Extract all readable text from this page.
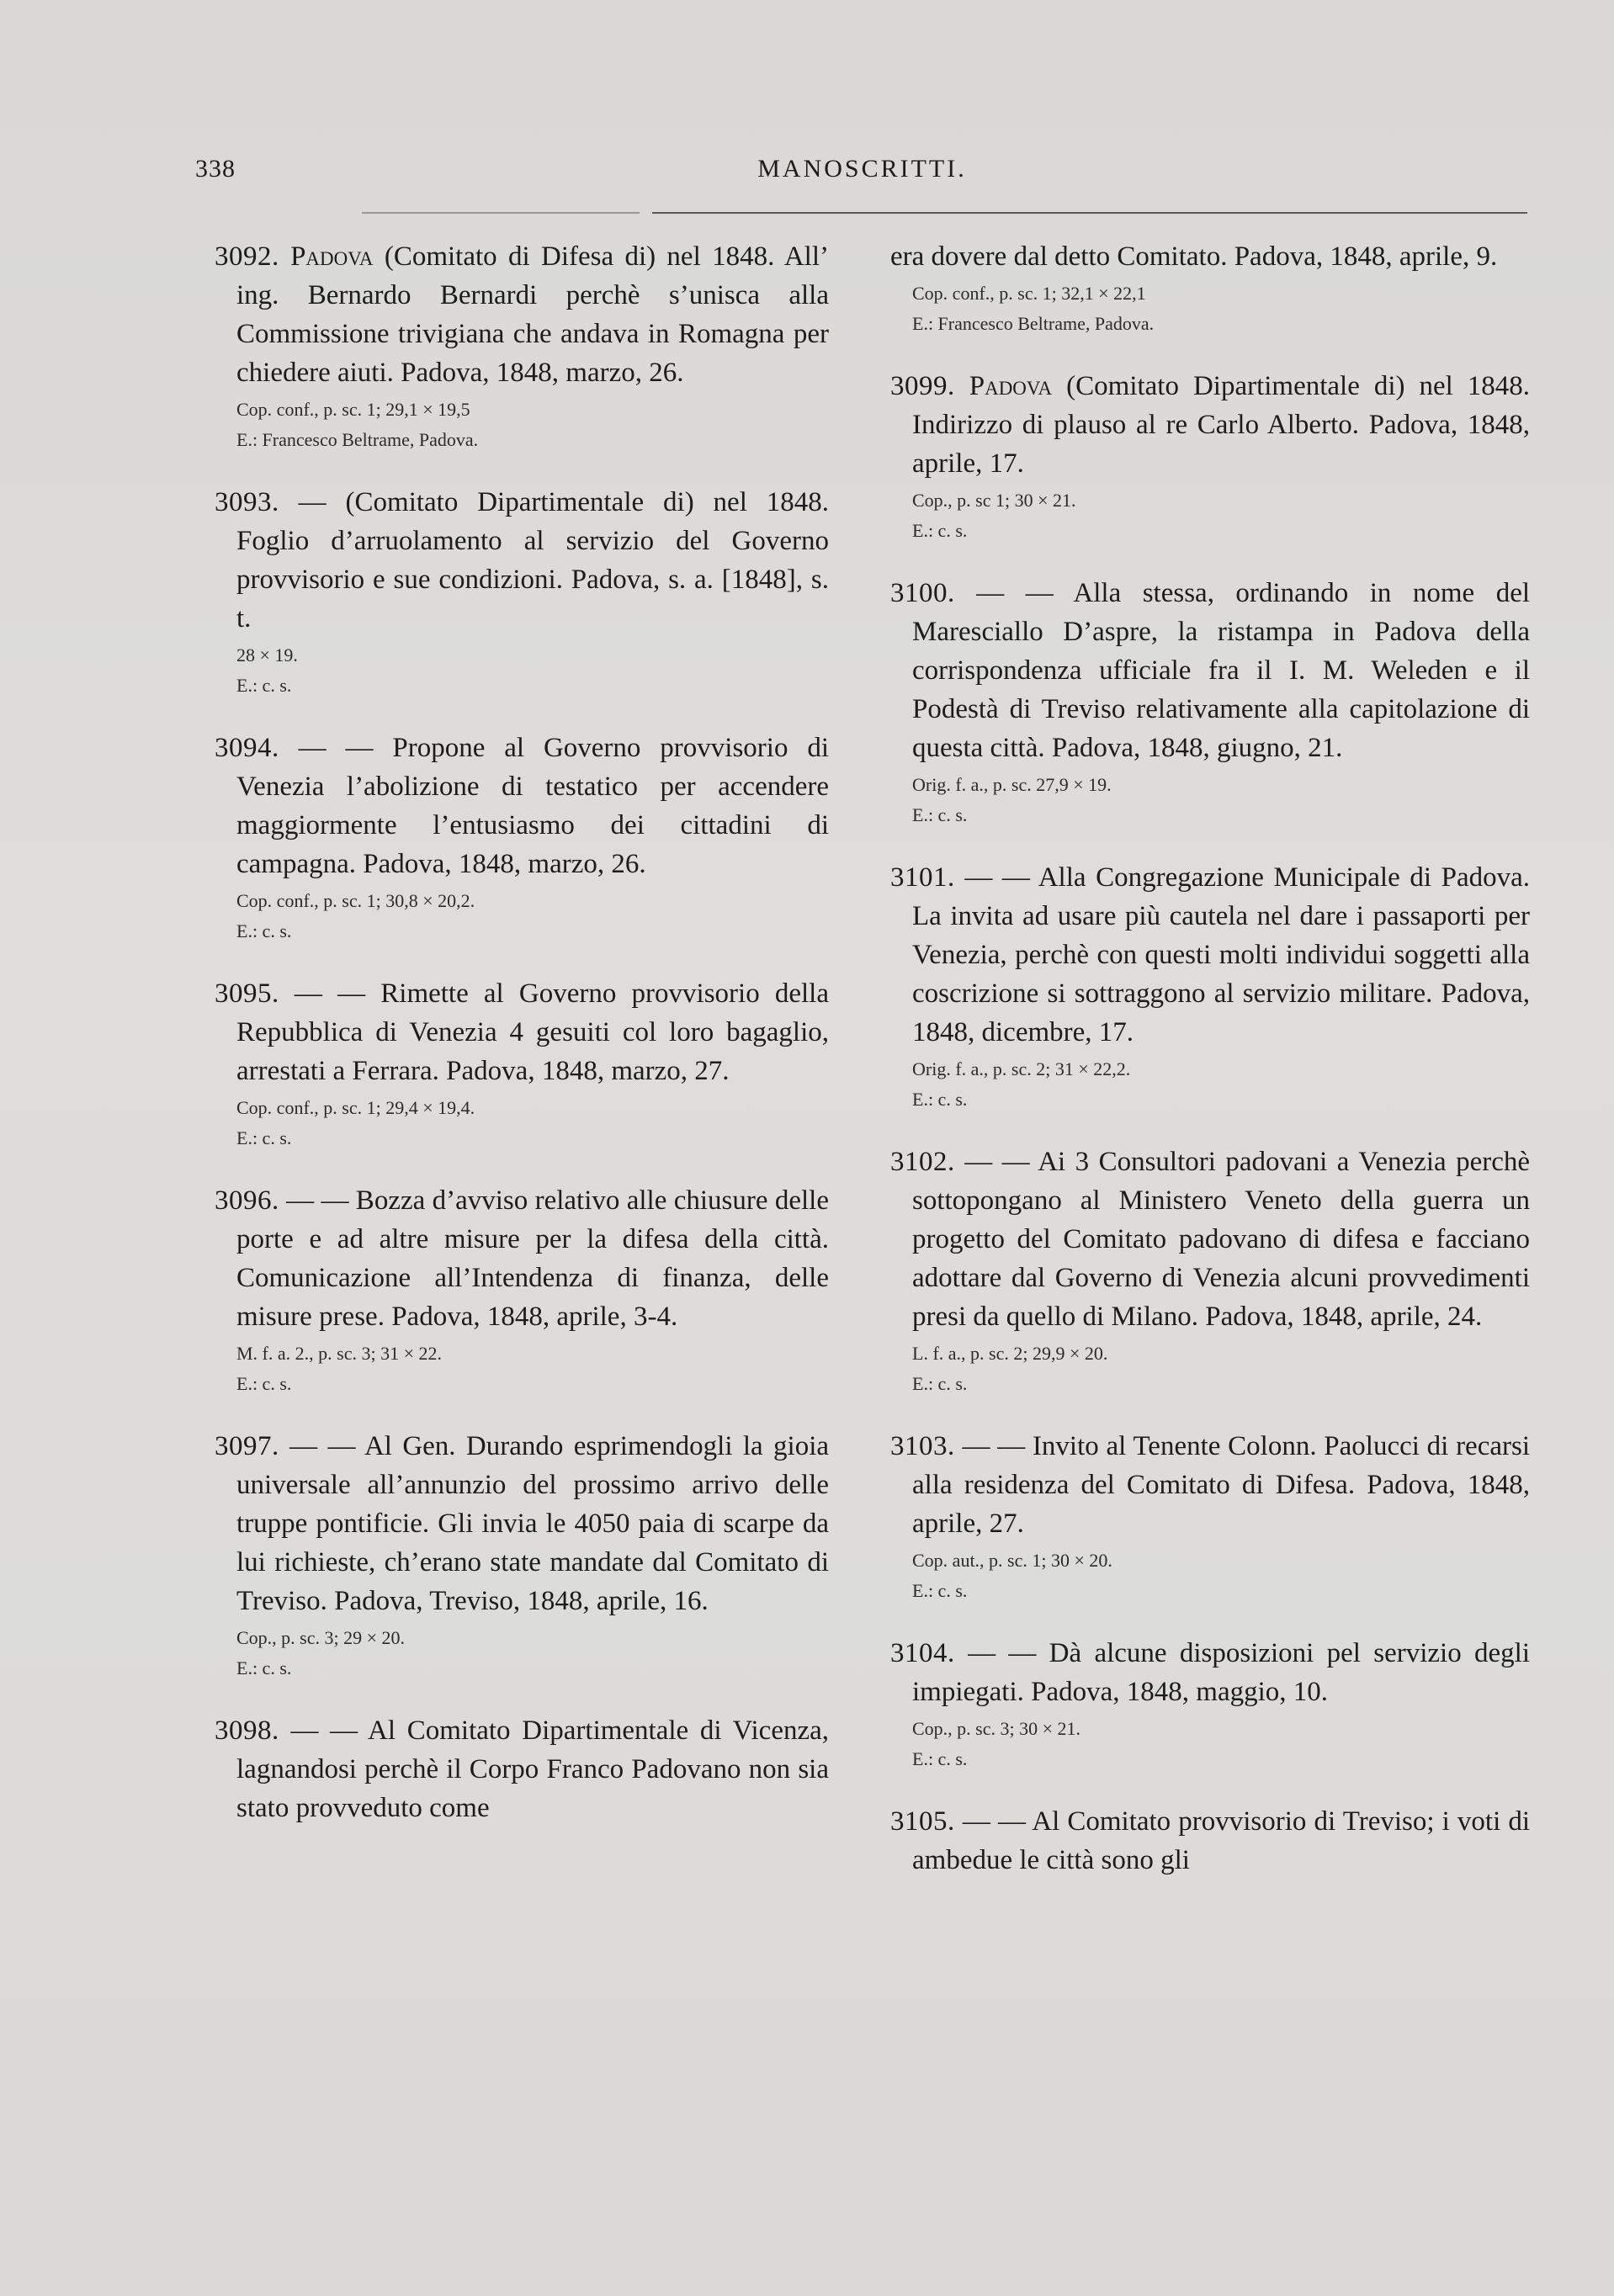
338	MANOSCRITTI.
3092. Padova (Comitato di Difesa di) nel 1848. All’ ing. Bernardo Bernardi perchè s’unisca alla Commissione trivigiana che andava in Romagna per chiedere aiuti. Padova, 1848, marzo, 26.
Cop. conf., p. sc. 1; 29,1 × 19,5
E.: Francesco Beltrame, Padova.
3093. — (Comitato Dipartimentale di) nel 1848. Foglio d’arruolamento al servizio del Governo provvisorio e sue condizioni. Padova, s. a. [1848], s. t.
28 × 19.
E.: c. s.
3094. — — Propone al Governo provvisorio di Venezia l’abolizione di testatico per accendere maggiormente l’entusiasmo dei cittadini di campagna. Padova, 1848, marzo, 26.
Cop. conf., p. sc. 1; 30,8 × 20,2.
E.: c. s.
3095. — — Rimette al Governo provvisorio della Repubblica di Venezia 4 gesuiti col loro bagaglio, arrestati a Ferrara. Padova, 1848, marzo, 27.
Cop. conf., p. sc. 1; 29,4 × 19,4.
E.: c. s.
3096. — — Bozza d’avviso relativo alle chiusure delle porte e ad altre misure per la difesa della città. Comunicazione all’Intendenza di finanza, delle misure prese. Padova, 1848, aprile, 3-4.
M. f. a. 2., p. sc. 3; 31 × 22.
E.: c. s.
3097. — — Al Gen. Durando esprimendogli la gioia universale all’annunzio del prossimo arrivo delle truppe pontificie. Gli invia le 4050 paia di scarpe da lui richieste, ch’erano state mandate dal Comitato di Treviso. Padova, Treviso, 1848, aprile, 16.
Cop., p. sc. 3; 29 × 20.
E.: c. s.
3098. — — Al Comitato Dipartimentale di Vicenza, lagnandosi perchè il Corpo Franco Padovano non sia stato provveduto come
era dovere dal detto Comitato. Padova, 1848, aprile, 9.
Cop. conf., p. sc. 1; 32,1 × 22,1
E.: Francesco Beltrame, Padova.
3099. Padova (Comitato Dipartimentale di) nel 1848. Indirizzo di plauso al re Carlo Alberto. Padova, 1848, aprile, 17.
Cop., p. sc 1; 30 × 21.
E.: c. s.
3100. — — Alla stessa, ordinando in nome del Maresciallo D’aspre, la ristampa in Padova della corrispondenza ufficiale fra il I. M. Weleden e il Podestà di Treviso relativamente alla capitolazione di questa città. Padova, 1848, giugno, 21.
Orig. f. a., p. sc. 27,9 × 19.
E.: c. s.
3101. — — Alla Congregazione Municipale di Padova. La invita ad usare più cautela nel dare i passaporti per Venezia, perchè con questi molti individui soggetti alla coscrizione si sottraggono al servizio militare. Padova, 1848, dicembre, 17.
Orig. f. a., p. sc. 2; 31 × 22,2.
E.: c. s.
3102. — — Ai 3 Consultori padovani a Venezia perchè sottopongano al Ministero Veneto della guerra un progetto del Comitato padovano di difesa e facciano adottare dal Governo di Venezia alcuni provvedimenti presi da quello di Milano. Padova, 1848, aprile, 24.
L. f. a., p. sc. 2; 29,9 × 20.
E.: c. s.
3103. — — Invito al Tenente Colonn. Paolucci di recarsi alla residenza del Comitato di Difesa. Padova, 1848, aprile, 27.
Cop. aut., p. sc. 1; 30 × 20.
E.: c. s.
3104. — — Dà alcune disposizioni pel servizio degli impiegati. Padova, 1848, maggio, 10.
Cop., p. sc. 3; 30 × 21.
E.: c. s.
3105. — — Al Comitato provvisorio di Treviso; i voti di ambedue le città sono gli
